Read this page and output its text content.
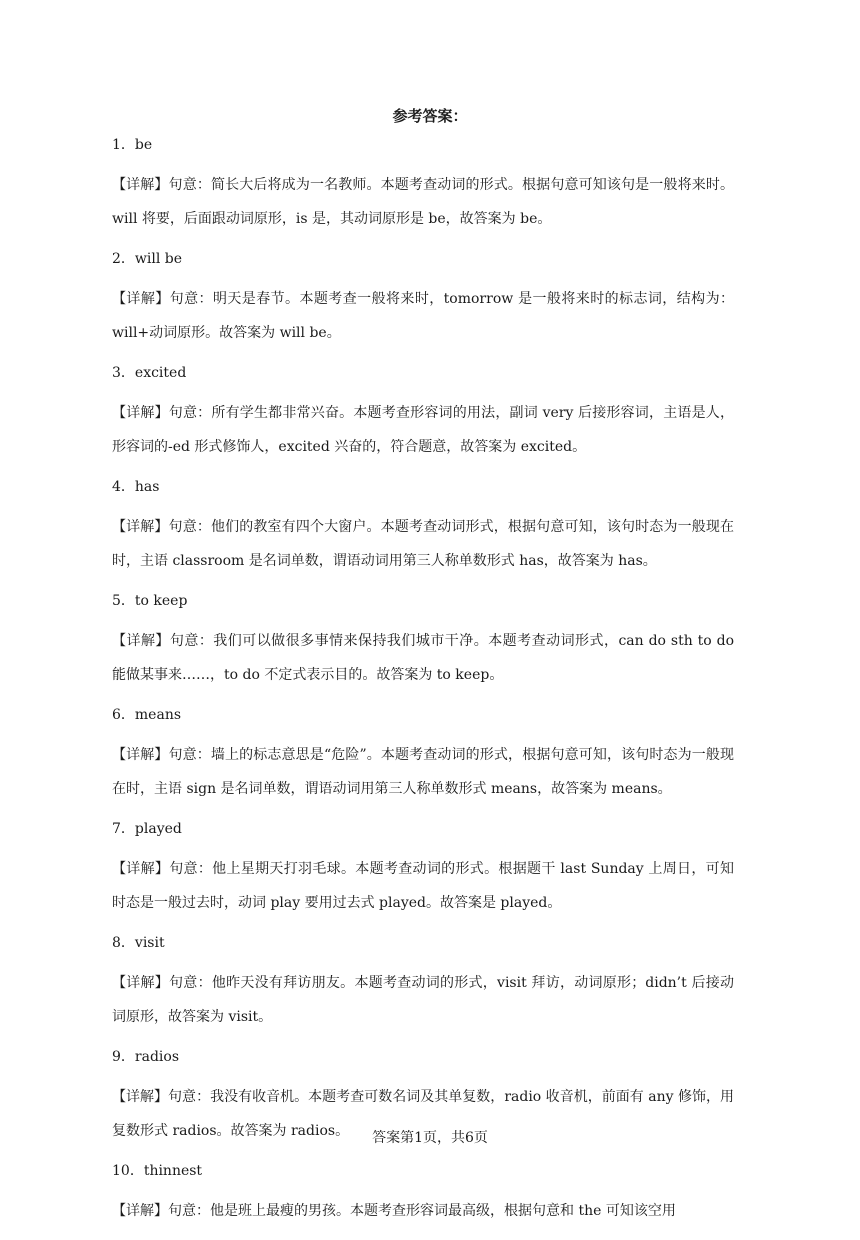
参考答案：
1．be
【详解】句意：简长大后将成为一名教师。本题考查动词的形式。根据句意可知该句是一般将来时。will 将要，后面跟动词原形，is 是，其动词原形是 be，故答案为 be。
2．will be
【详解】句意：明天是春节。本题考查一般将来时，tomorrow 是一般将来时的标志词，结构为：will+动词原形。故答案为 will be。
3．excited
【详解】句意：所有学生都非常兴奋。本题考查形容词的用法，副词 very 后接形容词，主语是人，形容词的-ed 形式修饰人，excited 兴奋的，符合题意，故答案为 excited。
4．has
【详解】句意：他们的教室有四个大窗户。本题考查动词形式，根据句意可知，该句时态为一般现在时，主语 classroom 是名词单数，谓语动词用第三人称单数形式 has，故答案为 has。
5．to keep
【详解】句意：我们可以做很多事情来保持我们城市干净。本题考查动词形式，can do sth to do 能做某事来……，to do 不定式表示目的。故答案为 to keep。
6．means
【详解】句意：墙上的标志意思是“危险”。本题考查动词的形式，根据句意可知，该句时态为一般现在时，主语 sign 是名词单数，谓语动词用第三人称单数形式 means，故答案为 means。
7．played
【详解】句意：他上星期天打羽毛球。本题考查动词的形式。根据题干 last Sunday 上周日，可知时态是一般过去时，动词 play 要用过去式 played。故答案是 played。
8．visit
【详解】句意：他昨天没有拜访朋友。本题考查动词的形式，visit 拜访，动词原形；didn’t 后接动词原形，故答案为 visit。
9．radios
【详解】句意：我没有收音机。本题考查可数名词及其单复数，radio 收音机，前面有 any 修饰，用复数形式 radios。故答案为 radios。
10．thinnest
【详解】句意：他是班上最瘦的男孩。本题考查形容词最高级，根据句意和 the 可知该空用
答案第1页，共6页
